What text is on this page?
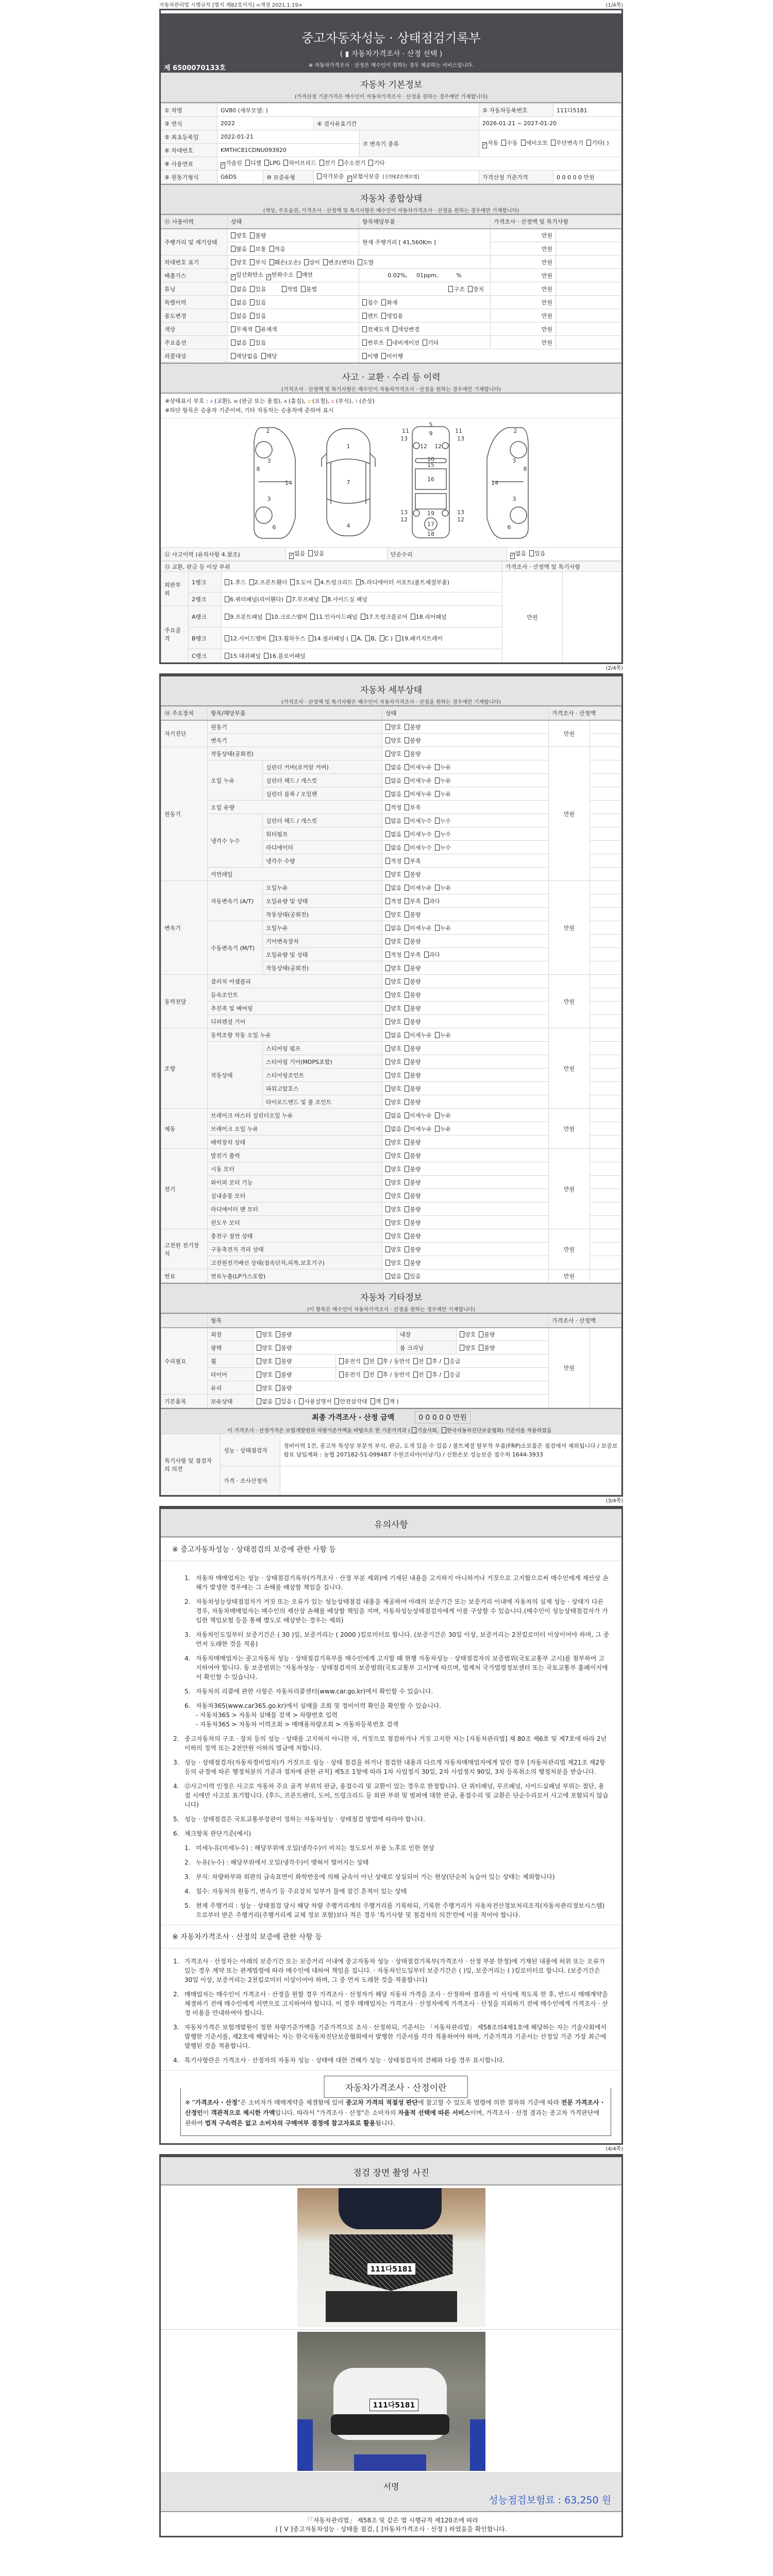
자동차관리법 시행규칙 [별지 제82호서식] <개정 2021.1.19>	(1/4쪽)
중고자동차성능 · 상태점검기록부
( ▮ 자동차가격조사 · 산정 선택 )
※ 자동차가격조사 · 산정은 매수인이 원하는 경우 제공하는 서비스입니다.
제 6500070133호
자동차 기본정보
(가격산정 기준가격은 매수인이 자동차가격조사 · 산정을 원하는 경우에만 기재합니다)
① 차명	GV80 (세부모델: )				② 자동차등록번호	111다5181
③ 연식	2022		④ 검사유효기간		2026-01-21 ~ 2027-01-20	
⑤ 최초등록일	2022-01-21			⑦ 변속기 종류	✓자동 수동 세미오토 무단변속기 기타( )	
⑥ 차대번호	KMTHC81CDNU093920					
⑧ 사용연료	✓가솔린 디젤 LPG 하이브리드 전기 수소전기 기타					
⑨ 원동기형식	G6DS	⑩ 보증유형	자가보증 ✓보험사보증 [신한EZ손해보험]		가격산정 기준가격	0 0 0 0 0 만원
자동차 종합상태
(색상, 주요옵션, 가격조사 · 산정액 및 특기사항은 매수인이 자동차가격조사 · 산정을 원하는 경우에만 기재합니다)
⑪ 사용이력	상태	항목해당부품	가격조사 · 산정액 및 특기사항	
주행거리 및 계기상태	양호 불량	현재 주행거리 [ 41,560Km ]	만원	
	많음 보통 적음		만원	
차대번호 표기	양호 부식 훼손(오손) 상이 변조(변타) 도말		만원	
배출가스	✓일산화탄소 ✓탄화수소 매연	0.02%,     01ppm,          %	만원	
튜닝	없음 있음 적법 불법	구조 장치	만원	
특별이력	없음 있음	침수 화재	만원	
용도변경	없음 있음	렌트 영업용	만원	
색상	무채색 유채색	전체도색 색상변경	만원	
주요옵션	없음 있음	썬루프 네비게이션 기타	만원	
리콜대상	해당없음 해당	이행 미이행		
사고 · 교환 · 수리 등 이력
(가격조사 · 산정액 및 특기사항은 매수인이 자동차가격조사 · 산정을 원하는 경우에만 기재합니다)
※상태표시 부호 : X (교환), W (판금 또는 용접), A (흠집), U (요철), C (부식), T (손상)
※하단 항목은 승용차 기준이며, 기타 자동차는 승용차에 준하여 표시
2
3
3
8
14
6
1
7
4
5
9
11	11
12 12
13	13
10
15
16
13	13
19
17
12	12
18
2
3
3
8
14
6
⑫ 사고이력 (유의사항 4.참조)	✓없음 있음	단순수리	✓없음 있음
⑬ 교환, 판금 등 이상 부위			가격조사 · 산정액 및 특기사항	
외판부위	1랭크	1.후드 2.프론트휀더 3.도어 4.트렁크리드 5.라디에이터 서포트(볼트체결부품)	만원	
	2랭크	6.쿼터패널(리어휀다) 7.루프패널 8.사이드실 패널		
주요골격	A랭크	9.프론트패널 10.크로스멤버 11.인사이드패널 17.트렁크플로어 18.리어패널		
	B랭크	12.사이드멤버 13.휠하우스 14.필러패널 ( A, B, C ) 19.패키지트레이		
	C랭크	15.대쉬패널 16.플로어패널		
(2/4쪽)
자동차 세부상태
(가격조사 · 산정액 및 특기사항은 매수인이 자동차가격조사 · 산정을 원하는 경우에만 기재합니다)
⑭ 주요장치	항목/해당부품		상태	가격조사 · 산정액	
자기진단	원동기		양호 불량	만원	
	변속기		양호 불량		
원동기	작동상태(공회전)		양호 불량	만원	
	오일 누유	실린더 커버(로커암 커버)	없음 미세누유 누유		
		실린더 헤드 / 개스킷	없음 미세누유 누유		
		실린더 블록 / 오일팬	없음 미세누유 누유		
	오일 유량		적정 부족		
	냉각수 누수	실린더 헤드 / 개스킷	없음 미세누수 누수		
		워터펌프	없음 미세누수 누수		
		라디에이터	없음 미세누수 누수		
		냉각수 수량	적정 부족		
	커먼레일		양호 불량		
변속기	자동변속기 (A/T)	오일누유	없음 미세누유 누유	만원	
		오일유량 및 상태	적정 부족 과다		
		작동상태(공회전)	양호 불량		
	수동변속기 (M/T)	오일누유	없음 미세누유 누유		
		기어변속장치	양호 불량		
		오일유량 및 상태	적정 부족 과다		
		작동상태(공회전)	양호 불량		
동력전달	클러치 어셈블리		양호 불량	만원	
	등속조인트		양호 불량		
	추진축 및 베어링		양호 불량		
	디퍼렌셜 기어		양호 불량		
조향	동력조향 작동 오일 누유		없음 미세누유 누유	만원	
	작동상태	스티어링 펌프	양호 불량		
		스티어링 기어(MDPS포함)	양호 불량		
		스티어링조인트	양호 불량		
		파워고압호스	양호 불량		
		타이로드엔드 및 볼 조인트	양호 불량		
제동	브레이크 마스터 실린더오일 누유		없음 미세누유 누유	만원	
	브레이크 오일 누유		없음 미세누유 누유		
	배력장치 상태		양호 불량		
전기	발전기 출력		양호 불량	만원	
	시동 모터		양호 불량		
	와이퍼 모터 기능		양호 불량		
	실내송풍 모터		양호 불량		
	라디에이터 팬 모터		양호 불량		
	윈도우 모터		양호 불량		
고전원 전기장치	충전구 절연 상태		양호 불량	만원	
	구동축전지 격리 상태		양호 불량		
	고전원전기배선 상태(접속단자,피복,보호기구)		양호 불량		
연료	연료누출(LP가스포함)		없음 있음	만원	
자동차 기타정보
(이 항목은 매수인이 자동차가격조사 · 산정을 원하는 경우에만 기재합니다)
	항목					가격조사 · 산정액	
수리필요	외장	양호 불량		내장	양호 불량	만원	
	광택	양호 불량		룸 크리닝	양호 불량		
	휠	양호 불량	운전석 전 후 / 동반석 전 후 / 응급				
	타이어	양호 불량	운전석 전 후 / 동반석 전 후 / 응급				
	유리	양호 불량					
기본품목	보유상태	없음 있음 ( 사용설명서 안전삼각대 잭 잭 )					
최종 가격조사 · 산정 금액	0 0 0 0 0 만원
이 가격조사 · 산정가격은 보험개발원의 차량기준가액을 바탕으로 한 기준가격과 ( 기술사회, 한국자동차진단보증협회) 기준서를 적용하였음
특기사항 및 점검자의 의견	성능 · 상태점검자	정비이력 1건, 중고차 특성상 부분적 부식, 판금, 도색 있을 수 있음 / 볼트체결 탈부착 부품(FRP)소모품은 점검에서 제외됩니다 / 보증보험료 납입계좌 : 농협 207182-51-099487 수원코리아(이남기) / 신한손보 성능보증 접수처 1644-3933
	가격 · 조사산정자	
(3/4쪽)
유의사항
※ 중고자동차성능 · 상태점검의 보증에 관한 사항 등
1. 자동차 매매업자는 성능 · 상태점검기록부(가격조사 · 산정 부분 제외)에 기재된 내용을 고지하지 아니하거나 거짓으로 고지함으로써 매수인에게 재산상 손해가 발생한 경우에는 그 손해를 배상할 책임을 집니다.
2. 자동차성능상태점검자가 거짓 또는 오류가 있는 성능상태점검 내용을 제공하여 아래의 보증기간 또는 보증거리 이내에 자동차의 실제 성능 · 상태가 다른 경우, 자동차매매업자는 매수인의 재산상 손해를 배상할 책임을 지며, 자동차성능상태점검자에게 이를 구상할 수 있습니다.(매수인이 성능상태점검자가 가입한 책임보험 등을 통해 별도로 배상받는 경우는 제외)
3. 자동차인도일부터 보증기간은 ( 30 )일, 보증거리는 ( 2000 )킬로미터로 합니다. (보증기간은 30일 이상, 보증거리는 2천킬로미터 이상이어야 하며, 그 중 먼저 도래한 것을 적용)
4. 자동차매매업자는 중고자동차 성능 · 상태점검기록부를 매수인에게 고지할 때 현행 자동차성능 · 상태점검자의 보증범위(국토교통부 고시)를 첨부하여 고지하여야 합니다. 동 보증범위는 '자동차성능 · 상태점검자의 보증범위(국토교통부 고시)'에 따르며, 법제처 국가법령정보센터 또는 국토교통부 홈페이지에서 확인할 수 있습니다.
5. 자동차의 리콜에 관한 사항은 자동차리콜센터(www.car.go.kr)에서 확인할 수 있습니다.
6. 자동차365(www.car365.go.kr)에서 실매물 조회 및 정비이력 확인을 확인할 수 있습니다.
- 자동차365 > 자동차 실매물 검색 > 차량번호 입력
- 자동차365 > 자동차 이력조회 > 매매용차량조회 > 자동차등록번호 검색
2. 중고자동차의 구조 · 장치 등의 성능 · 상태를 고지하지 아니한 자, 거짓으로 점검하거나 거짓 고지한 자는 [자동차관리법] 제 80조 제6호 및 제7호에 따라 2년 이하의 징역 또는 2천만원 이하의 벌금에 처합니다.
3. 성능 · 상태점검자(자동차정비업자)가 거짓으로 성능 · 상태 점검을 하거나 점검한 내용과 다르게 자동차매매업자에게 알린 경우 [자동차관리법 제21조 제2항 등의 규정에 따른 행정처분의 기준과 절차에 관한 규칙] 제5조 1항에 따라 1차 사업정지 30일, 2차 사업정지 90일, 3차 등록취소의 행정처분을 받습니다.
4. ⑫사고이력 인정은 사고로 자동차 주요 골격 부위의 판금, 용접수리 및 교환이 있는 경우로 한정합니다. 단 쿼터패널, 루프패널, 사이드실패널 부위는 절단, 용접 시에만 사고로 표기합니다. (후드, 프론트펜더, 도어, 트렁크리드 등 외판 부위 및 범퍼에 대한 판금, 용접수리 및 교환은 단순수리로서 사고에 포함되지 않습니다)
5. 성능 · 상태점검은 국토교통부장관이 정하는 자동차성능 · 상태점검 방법에 따라야 합니다.
6. 체크항목 판단기준(예시)
1. 미세누유(미세누수) : 해당부위에 오일(냉각수)이 비치는 정도로서 부품 노후로 인한 현상
2. 누유(누수) : 해당부위에서 오일(냉각수)이 맺혀서 떨어지는 상태
3. 부식: 차량하부와 외판의 금속표면이 화학반응에 의해 금속이 아닌 상태로 상실되어 가는 현상(단순히 녹슬어 있는 상태는 제외합니다)
4. 침수: 자동차의 원동기, 변속기 등 주요장치 일부가 물에 잠긴 흔적이 있는 상태
5. 현재 주행거리 : 성능 · 상태점검 당시 해당 차량 주행거리계의 주행거리를 기록하되, 기록한 주행거리가 자동차전산정보처리조직(자동차관리정보시스템)으로부터 받은 주행거리(주행거리계 교체 정보 포함)보다 적은 경우 '특기사항 및 점검자의 의견'란에 이를 적어야 합니다.
※ 자동차가격조사 · 산정의 보증에 관한 사항 등
1. 가격조사 · 산정자는 아래의 보증기간 또는 보증거리 이내에 중고자동차 성능 · 상태점검기록부(가격조사 · 산정 부분 한정)에 기재된 내용에 허위 또는 오류가 있는 경우 계약 또는 관계법령에 따라 매수인에 대하여 책임을 집니다. · 자동차인도일부터 보증기간은 ( )일, 보증거리는 ( )킬로미터로 합니다. (보증기간은 30일 이상, 보증거리는 2천킬로미터 이상이어야 하며, 그 중 먼저 도래한 것을 적용합니다)
2. 매매업자는 매수인이 가격조사 · 산정을 원할 경우 가격조사 · 산정자가 해당 자동차 가격을 조사 · 산정하여 결과를 이 서식에 적도록 한 후, 반드시 매매계약을 체결하기 전에 매수인에게 서면으로 고지하여야 합니다. 이 경우 매매업자는 가격조사 · 산정자에게 가격조사 · 산정을 의뢰하기 전에 매수인에게 가격조사 · 산정 비용을 안내하여야 합니다.
3. 자동차가격은 보험개발원이 정한 차량기준가액을 기준가격으로 조사 · 산정하되, 기준서는 「자동차관리법」 제58조의4제1호에 해당하는 자는 기술사회에서 발행한 기준서를, 제2호에 해당하는 자는 한국자동차진단보증협회에서 발행한 기준서를 각각 적용하여야 하며, 기준가격과 기준서는 산정일 기준 가장 최근에 발행된 것을 적용합니다.
4. 특기사항란은 가격조사 · 산정자의 자동차 성능 · 상태에 대한 견해가 성능 · 상태점검자의 견해와 다를 경우 표시합니다.
자동차가격조사 · 산정이란
※ "가격조사 · 산정"은 소비자가 매매계약을 체결함에 있어 중고차 가격의 적절성 판단에 참고할 수 있도록 법령에 의한 절차와 기준에 따라 전문 가격조사 · 산정인이 객관적으로 제시한 가액입니다. 따라서 "가격조사 · 산정"은 소비자의 자율적 선택에 따른 서비스이며, 가격조사 · 산정 결과는 중고차 가격판단에 관하여 법적 구속력은 없고 소비자의 구매여부 결정에 참고자료로 활용됩니다.
(4/4쪽)
점검 장면 촬영 사진
111다5181
111다5181
서명
성능점검보험료 : 63,250 원
「「자동차관리법」 제58조 및 같은 법 시행규칙 제120조에 따라
( [ V ]중고자동차성능 · 상태를 점검, [ ]자동차가격조사 · 산정 ) 하였음을 확인합니다.
